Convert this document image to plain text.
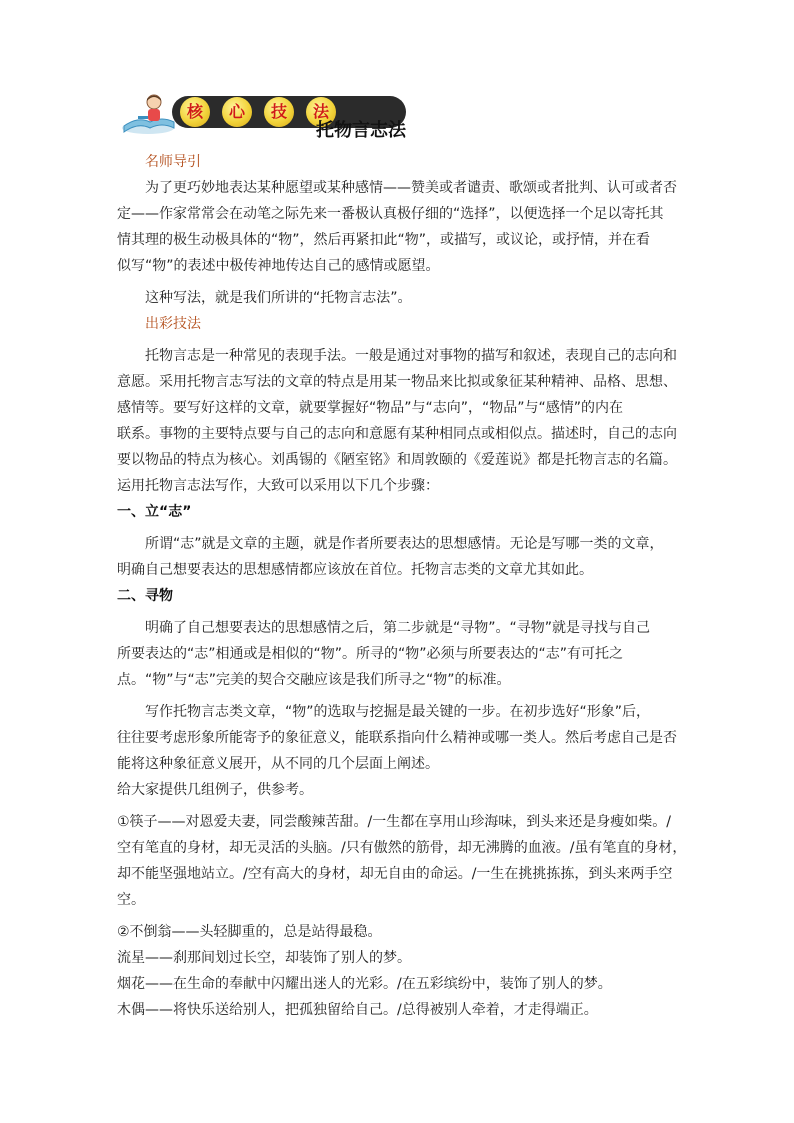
核	心	技	法
托物言志法
名师导引
为了更巧妙地表达某种愿望或某种感情——赞美或者谴责、歌颂或者批判、认可或者否
定——作家常常会在动笔之际先来一番极认真极仔细的“选择”，以便选择一个足以寄托其
情其理的极生动极具体的“物”，然后再紧扣此“物”，或描写，或议论，或抒情，并在看
似写“物”的表述中极传神地传达自己的感情或愿望。
这种写法，就是我们所讲的“托物言志法”。
出彩技法
托物言志是一种常见的表现手法。一般是通过对事物的描写和叙述，表现自己的志向和
意愿。采用托物言志写法的文章的特点是用某一物品来比拟或象征某种精神、品格、思想、
感情等。要写好这样的文章，就要掌握好“物品”与“志向”，“物品”与“感情”的内在
联系。事物的主要特点要与自己的志向和意愿有某种相同点或相似点。描述时，自己的志向
要以物品的特点为核心。刘禹锡的《陋室铭》和周敦颐的《爱莲说》都是托物言志的名篇。
运用托物言志法写作，大致可以采用以下几个步骤：
一、立“志”
所谓“志”就是文章的主题，就是作者所要表达的思想感情。无论是写哪一类的文章，
明确自己想要表达的思想感情都应该放在首位。托物言志类的文章尤其如此。
二、寻物
明确了自己想要表达的思想感情之后，第二步就是“寻物”。“寻物”就是寻找与自己
所要表达的“志”相通或是相似的“物”。所寻的“物”必须与所要表达的“志”有可托之
点。“物”与“志”完美的契合交融应该是我们所寻之“物”的标准。
写作托物言志类文章，“物”的选取与挖掘是最关键的一步。在初步选好“形象”后，
往往要考虑形象所能寄予的象征意义，能联系指向什么精神或哪一类人。然后考虑自己是否
能将这种象征意义展开，从不同的几个层面上阐述。
给大家提供几组例子，供参考。
①筷子——对恩爱夫妻，同尝酸辣苦甜。/一生都在享用山珍海味，到头来还是身瘦如柴。/
空有笔直的身材，却无灵活的头脑。/只有傲然的筋骨，却无沸腾的血液。/虽有笔直的身材，
却不能坚强地站立。/空有高大的身材，却无自由的命运。/一生在挑挑拣拣，到头来两手空
空。
②不倒翁——头轻脚重的，总是站得最稳。
流星——刹那间划过长空，却装饰了别人的梦。
烟花——在生命的奉献中闪耀出迷人的光彩。/在五彩缤纷中，装饰了别人的梦。
木偶——将快乐送给别人，把孤独留给自己。/总得被别人牵着，才走得端正。
